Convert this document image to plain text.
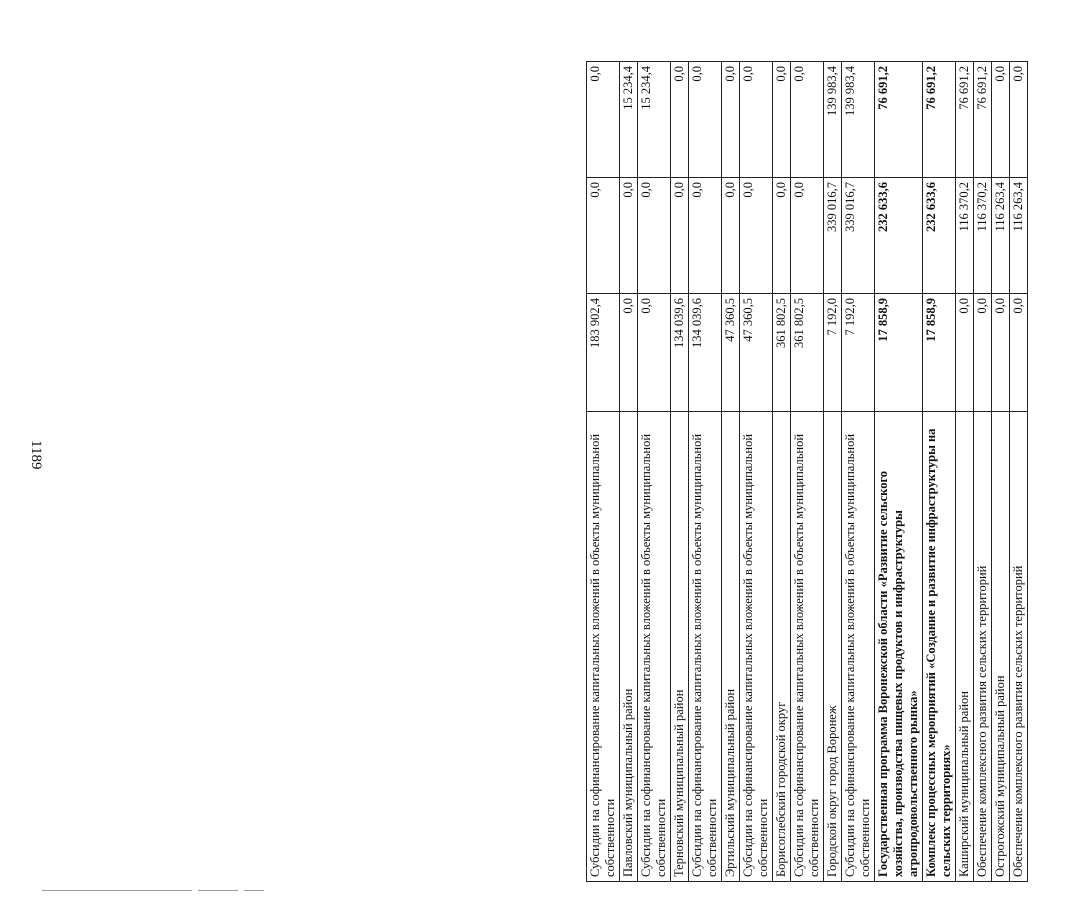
1189	Субсидии на софинансирование капитальных вложений в объекты муниципальной собственности	183 902,4	0,0	0,0
Павловский муниципальный район	0,0	0,0	15 234,4
Субсидии на софинансирование капитальных вложений в объекты муниципальной собственности	0,0	0,0	15 234,4
Терновский муниципальный район	134 039,6	0,0	0,0
Субсидии на софинансирование капитальных вложений в объекты муниципальной собственности	134 039,6	0,0	0,0
Эртильский муниципальный район	47 360,5	0,0	0,0
Субсидии на софинансирование капитальных вложений в объекты муниципальной собственности	47 360,5	0,0	0,0
Борисоглебский городской округ	361 802,5	0,0	0,0
Субсидии на софинансирование капитальных вложений в объекты муниципальной собственности	361 802,5	0,0	0,0
Городской округ город Воронеж	7 192,0	339 016,7	139 983,4
Субсидии на софинансирование капитальных вложений в объекты муниципальной собственности	7 192,0	339 016,7	139 983,4
Государственная программа Воронежской области «Развитие сельского хозяйства, производства пищевых продуктов и инфраструктуры агропродовольственного рынка»	17 858,9	232 633,6	76 691,2
Комплекс процессных мероприятий «Создание и развитие инфраструктуры на сельских территориях»	17 858,9	232 633,6	76 691,2
Каширский муниципальный район	0,0	116 370,2	76 691,2
Обеспечение комплексного развития сельских территорий	0,0	116 370,2	76 691,2
Острогожский муниципальный район	0,0	116 263,4	0,0
Обеспечение комплексного развития сельских территорий	0,0	116 263,4	0,0
